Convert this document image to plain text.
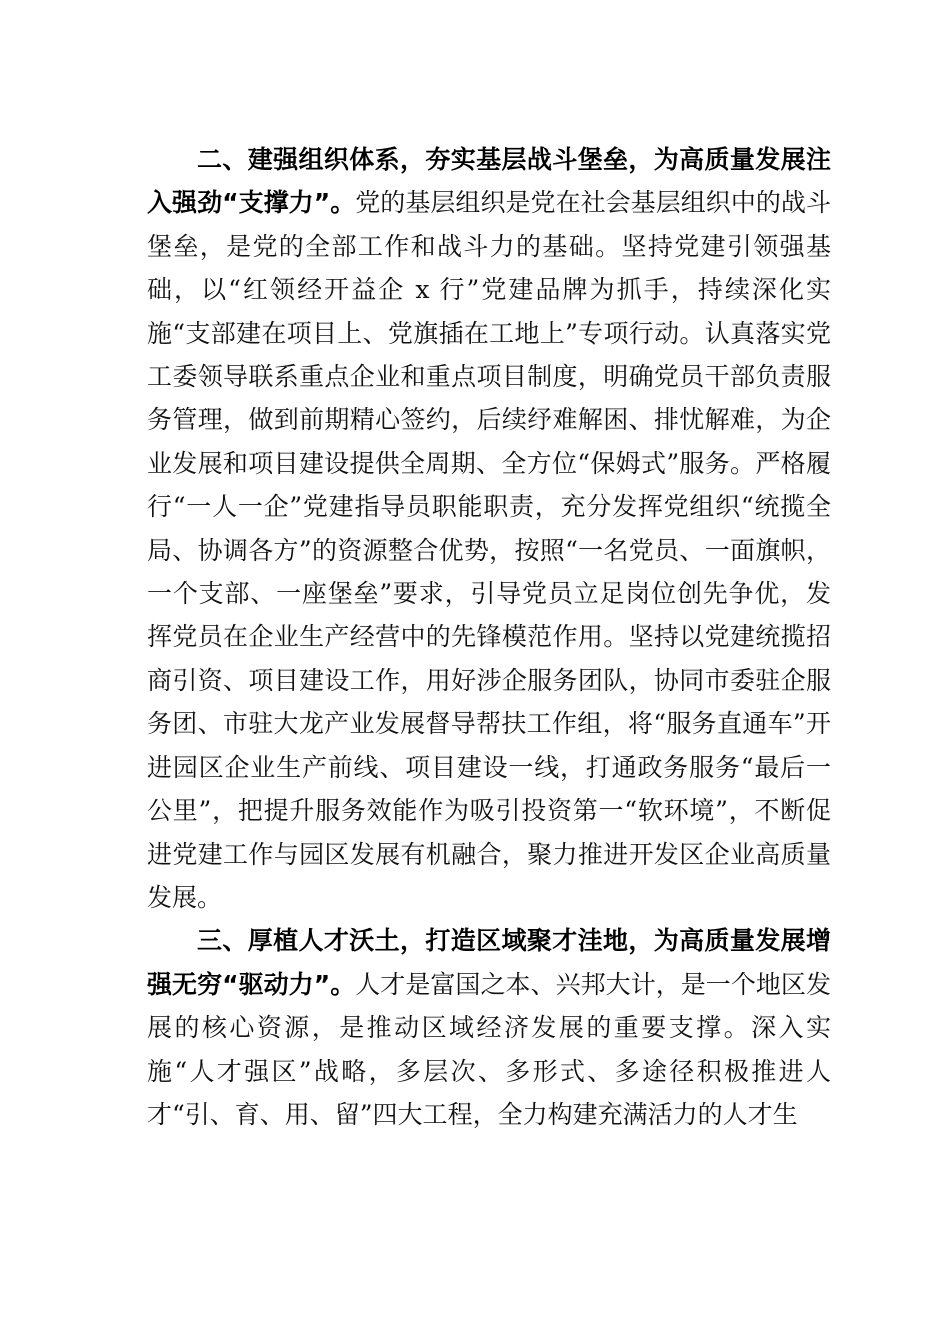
二、建强组织体系，夯实基层战斗堡垒，为高质量发展注入强劲“支撑力”。党的基层组织是党在社会基层组织中的战斗堡垒，是党的全部工作和战斗力的基础。坚持党建引领强基础，以“红领经开益企 x 行”党建品牌为抓手，持续深化实施“支部建在项目上、党旗插在工地上”专项行动。认真落实党工委领导联系重点企业和重点项目制度，明确党员干部负责服务管理，做到前期精心签约，后续纾难解困、排忧解难，为企业发展和项目建设提供全周期、全方位“保姆式”服务。严格履行“一人一企”党建指导员职能职责，充分发挥党组织“统揽全局、协调各方”的资源整合优势，按照“一名党员、一面旗帜，一个支部、一座堡垒”要求，引导党员立足岗位创先争优，发挥党员在企业生产经营中的先锋模范作用。坚持以党建统揽招商引资、项目建设工作，用好涉企服务团队，协同市委驻企服务团、市驻大龙产业发展督导帮扶工作组，将“服务直通车”开进园区企业生产前线、项目建设一线，打通政务服务“最后一公里”，把提升服务效能作为吸引投资第一“软环境”，不断促进党建工作与园区发展有机融合，聚力推进开发区企业高质量发展。

三、厚植人才沃土，打造区域聚才洼地，为高质量发展增强无穷“驱动力”。人才是富国之本、兴邦大计，是一个地区发展的核心资源，是推动区域经济发展的重要支撑。深入实施“人才强区”战略，多层次、多形式、多途径积极推进人才“引、育、用、留”四大工程，全力构建充满活力的人才生
